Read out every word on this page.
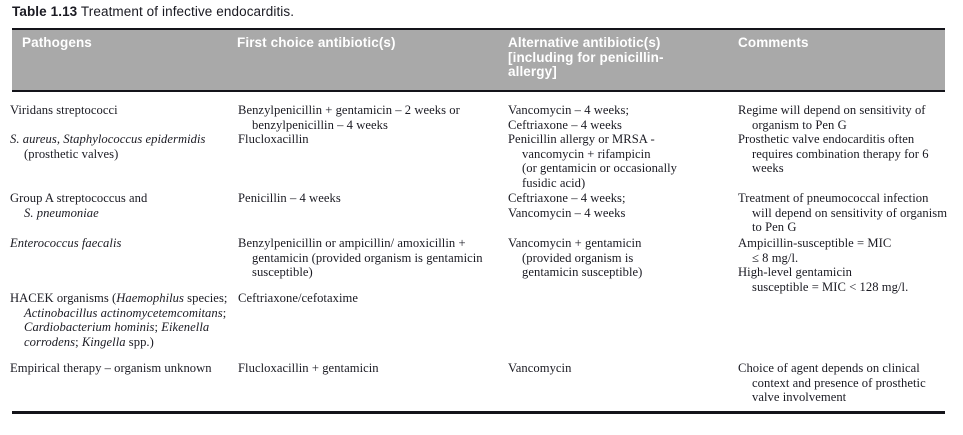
Table 1.13 Treatment of infective endocarditis.
Pathogens	First choice antibiotic(s)	Alternative antibiotic(s)
[including for penicillin-
allergy]
Comments

Viridans streptococci

S. aureus, Staphylococcus epidermidis
(prosthetic valves)

Group A streptococcus and
S. pneumoniae

Enterococcus faecalis

HACEK organisms (Haemophilus species; Actinobacillus actinomycetemcomitans; Cardiobacterium hominis; Eikenella corrodens; Kingella spp.)

Empirical therapy – organism unknown

Benzylpenicillin + gentamicin – 2 weeks or benzylpenicillin – 4 weeks

Flucloxacillin

Penicillin – 4 weeks

Benzylpenicillin or ampicillin/ amoxicillin + gentamicin (provided organism is gentamicin susceptible)

Ceftriaxone/cefotaxime

Flucloxacillin + gentamicin

Vancomycin – 4 weeks;

Ceftriaxone – 4 weeks

Penicillin allergy or MRSA -

vancomycin + rifampicin

(or gentamicin or occasionally

fusidic acid)

Ceftriaxone – 4 weeks;

Vancomycin – 4 weeks

Vancomycin + gentamicin

(provided organism is

gentamicin susceptible)

Vancomycin

Regime will depend on sensitivity of organism to Pen G

Prosthetic valve endocarditis often requires combination therapy for 6 weeks

Treatment of pneumococcal infection will depend on sensitivity of organism to Pen G

Ampicillin-susceptible = MIC

≤ 8 mg/l.

High-level gentamicin

susceptible = MIC < 128 mg/l.

Choice of agent depends on clinical context and presence of prosthetic valve involvement
